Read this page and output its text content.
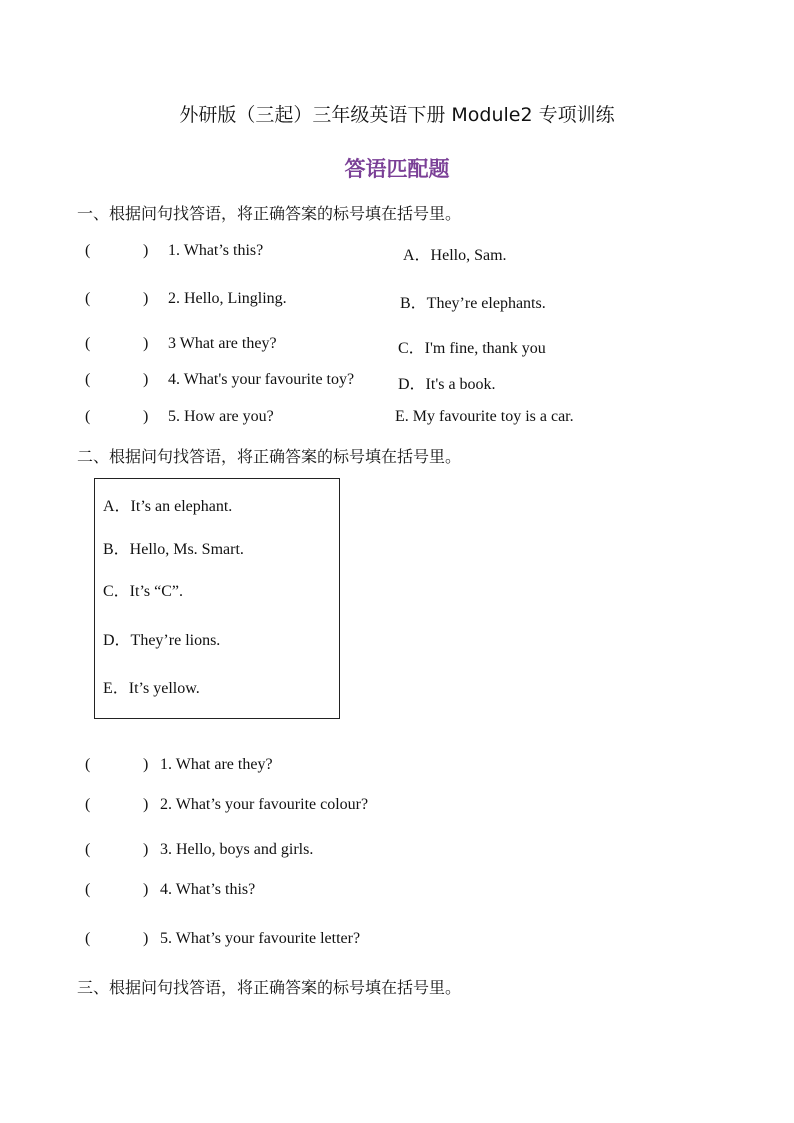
外研版（三起）三年级英语下册 Module2 专项训练
答语匹配题
一、根据问句找答语，将正确答案的标号填在括号里。
(	) 1. What’s this?	A．Hello, Sam.
(	) 2. Hello, Lingling.	B．They’re elephants.
(	) 3 What are they?	C．I'm fine, thank you
(	) 4. What's your favourite toy?	D．It's a book.
(	) 5. How are you?	E. My favourite toy is a car.
二、根据问句找答语，将正确答案的标号填在括号里。
A．It’s an elephant.
B．Hello, Ms. Smart.
C．It’s “C”.
D．They’re lions.
E．It’s yellow.
(	) 1. What are they?
(	) 2. What’s your favourite colour?
(	) 3. Hello, boys and girls.
(	) 4. What’s this?
(	) 5. What’s your favourite letter?
三、根据问句找答语，将正确答案的标号填在括号里。
